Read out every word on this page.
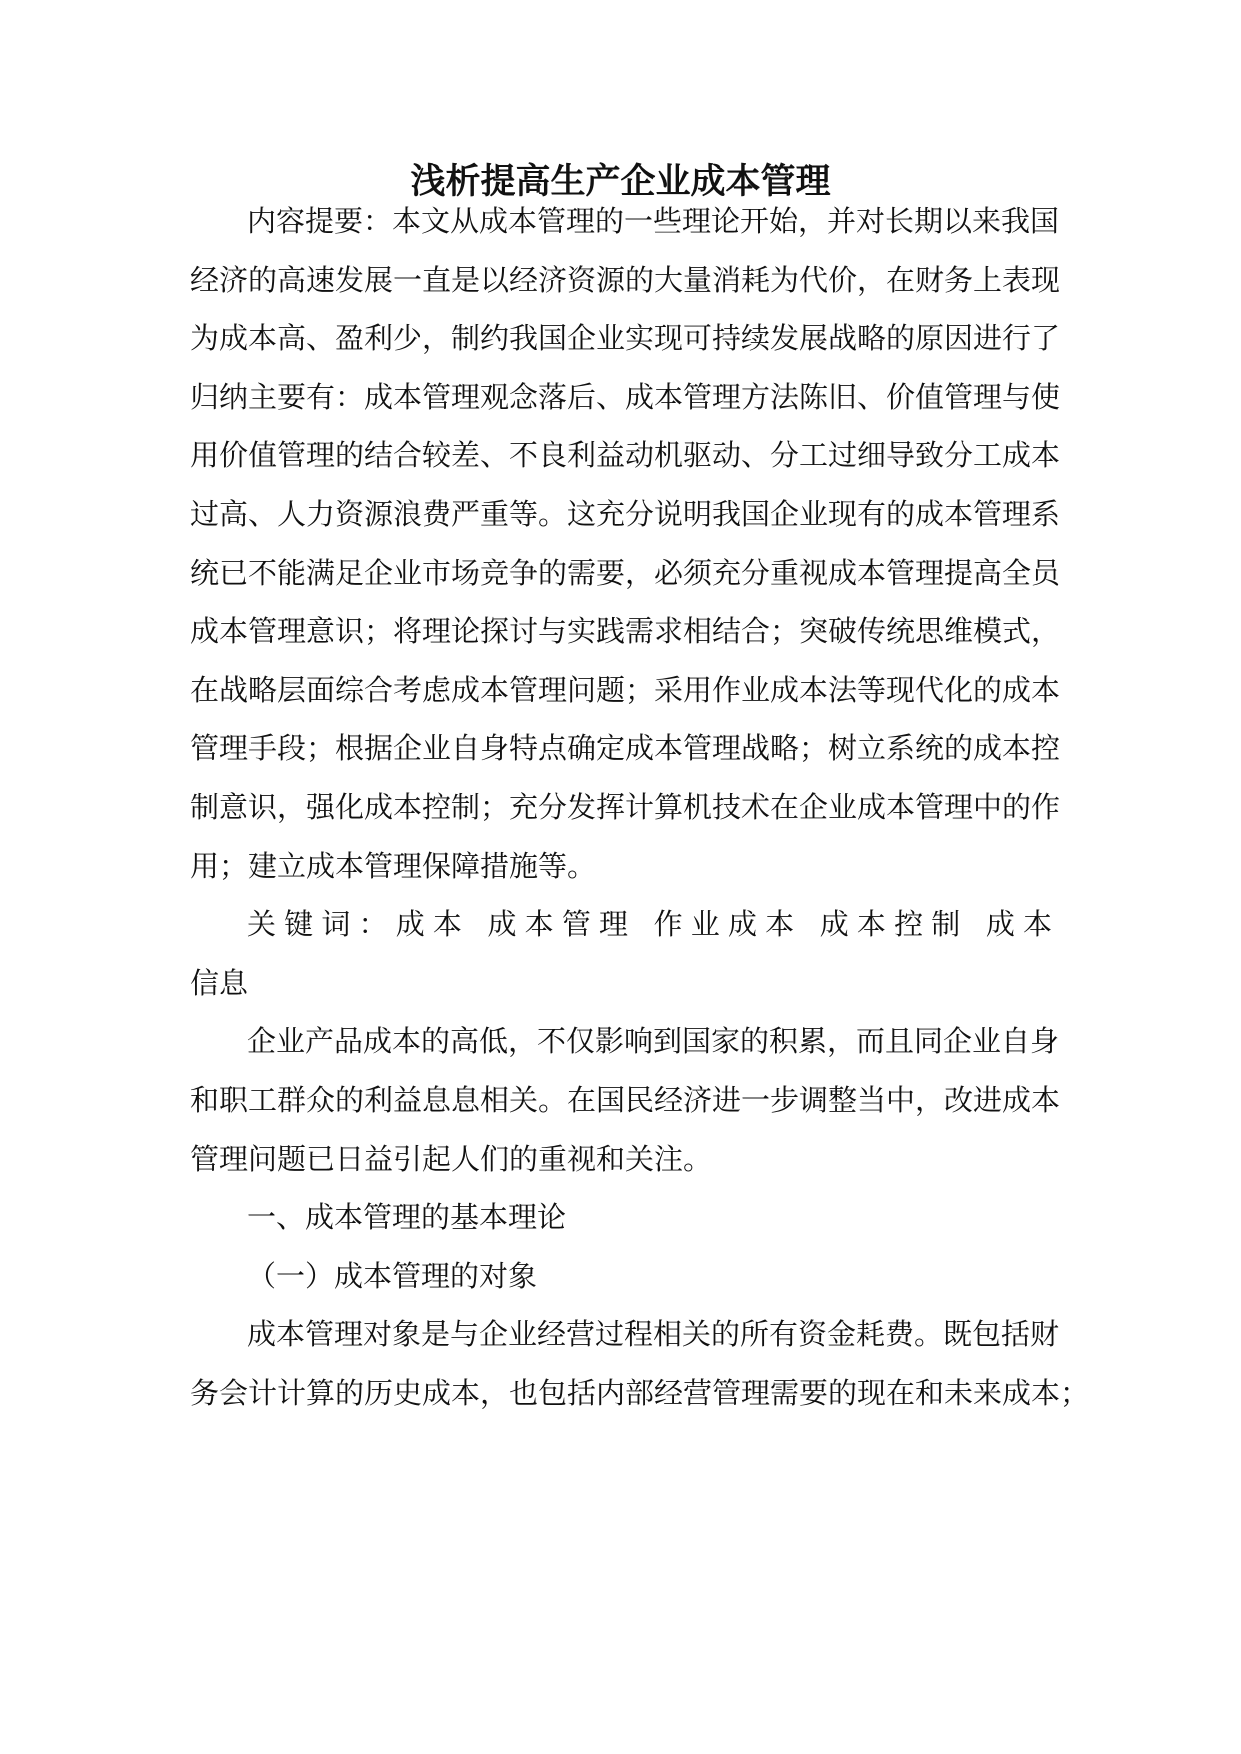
浅析提高生产企业成本管理

内容提要：本文从成本管理的一些理论开始，并对长期以来我国

经济的高速发展一直是以经济资源的大量消耗为代价，在财务上表现

为成本高、盈利少，制约我国企业实现可持续发展战略的原因进行了

归纳主要有：成本管理观念落后、成本管理方法陈旧、价值管理与使

用价值管理的结合较差、不良利益动机驱动、分工过细导致分工成本

过高、人力资源浪费严重等。这充分说明我国企业现有的成本管理系

统已不能满足企业市场竞争的需要，必须充分重视成本管理提高全员

成本管理意识；将理论探讨与实践需求相结合；突破传统思维模式，

在战略层面综合考虑成本管理问题；采用作业成本法等现代化的成本

管理手段；根据企业自身特点确定成本管理战略；树立系统的成本控

制意识，强化成本控制；充分发挥计算机技术在企业成本管理中的作

用；建立成本管理保障措施等。

关键词：成本 成本管理 作业成本 成本控制 成本

信息

企业产品成本的高低，不仅影响到国家的积累，而且同企业自身

和职工群众的利益息息相关。在国民经济进一步调整当中，改进成本

管理问题已日益引起人们的重视和关注。

一、成本管理的基本理论

（一）成本管理的对象

成本管理对象是与企业经营过程相关的所有资金耗费。既包括财

务会计计算的历史成本，也包括内部经营管理需要的现在和未来成本；
